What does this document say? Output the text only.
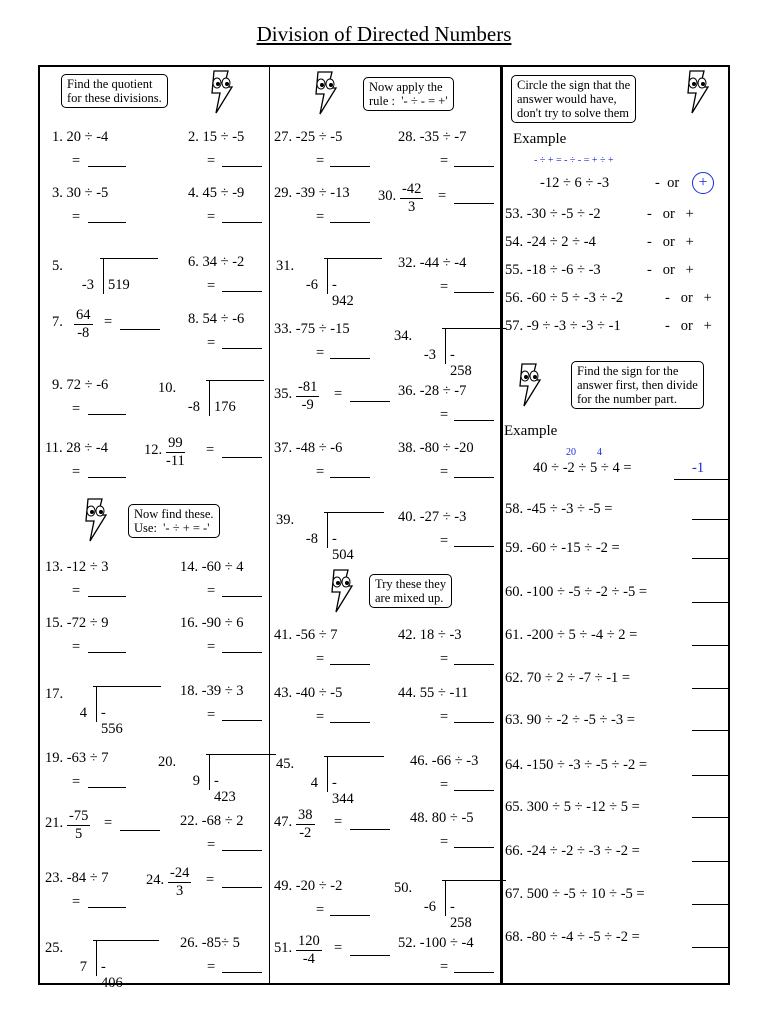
Division of Directed Numbers
Find the quotient
for these divisions.
1. 20 ÷ -4
=
2. 15 ÷ -5
=
3. 30 ÷ -5
=
4. 45 ÷ -9
=
6. 34 ÷ -2
=
8. 54 ÷ -6
=
9. 72 ÷ -6
=
11. 28 ÷ -4
=
13. -12 ÷ 3
=
14. -60 ÷ 4
=
15. -72 ÷ 9
=
16. -90 ÷ 6
=
18. -39 ÷ 3
=
19. -63 ÷ 7
=
22. -68 ÷ 2
=
23. -84 ÷ 7
=
26. -85÷ 5
=
5.
-3 519
10.
-8 176
17.
4 - 556
20.
9 - 423
25.
7 - 406
7. $\frac{64}{-8}$ =
12. $\frac{99}{-11}$ =
21. $\frac{-75}{5}$ =
24. $\frac{-24}{3}$ =
Now find these.
Use:  '- ÷ + = -'
Now apply the
rule :  '- ÷ - = +'
27. -25 ÷ -5
=
28. -35 ÷ -7
=
29. -39 ÷ -13
=
32. -44 ÷ -4
=
33. -75 ÷ -15
=
36. -28 ÷ -7
=
37. -48 ÷ -6
=
38. -80 ÷ -20
=
40. -27 ÷ -3
=
41. -56 ÷ 7
=
42. 18 ÷ -3
=
43. -40 ÷ -5
=
44. 55 ÷ -11
=
46. -66 ÷ -3
=
48. 80 ÷ -5
=
49. -20 ÷ -2
=
52. -100 ÷ -4
=
30. $\frac{-42}{3}$ =
35. $\frac{-81}{-9}$ =
47. $\frac{38}{-2}$ =
51. $\frac{120}{-4}$ =
31.
-6 - 942
34.
-3 - 258
39.
-8 - 504
45.
4 - 344
50.
-6 - 258
Try these they
are mixed up.
Circle the sign that the
answer would have,
don't try to solve them
Example
- ÷ + = - ÷ - = + ÷ +
-12 ÷ 6 ÷ -3	-  or	+
53. -30 ÷ -5 ÷ -2	-   or   +
54. -24 ÷ 2 ÷ -4	-   or   +
55. -18 ÷ -6 ÷ -3	-   or   +
56. -60 ÷ 5 ÷ -3 ÷ -2	-   or   +
57. -9 ÷ -3 ÷ -3 ÷ -1	-   or   +
Find the sign for the
answer first, then divide
for the number part.
Example
40 ÷ -2 ÷ 5 ÷ 4 =
20 4
-1
58. -45 ÷ -3 ÷ -5 =
59. -60 ÷ -15 ÷ -2 =
60. -100 ÷ -5 ÷ -2 ÷ -5 =
61. -200 ÷ 5 ÷ -4 ÷ 2 =
62. 70 ÷ 2 ÷ -7 ÷ -1 =
63. 90 ÷ -2 ÷ -5 ÷ -3 =
64. -150 ÷ -3 ÷ -5 ÷ -2 =
65. 300 ÷ 5 ÷ -12 ÷ 5 =
66. -24 ÷ -2 ÷ -3 ÷ -2 =
67. 500 ÷ -5 ÷ 10 ÷ -5 =
68. -80 ÷ -4 ÷ -5 ÷ -2 =
